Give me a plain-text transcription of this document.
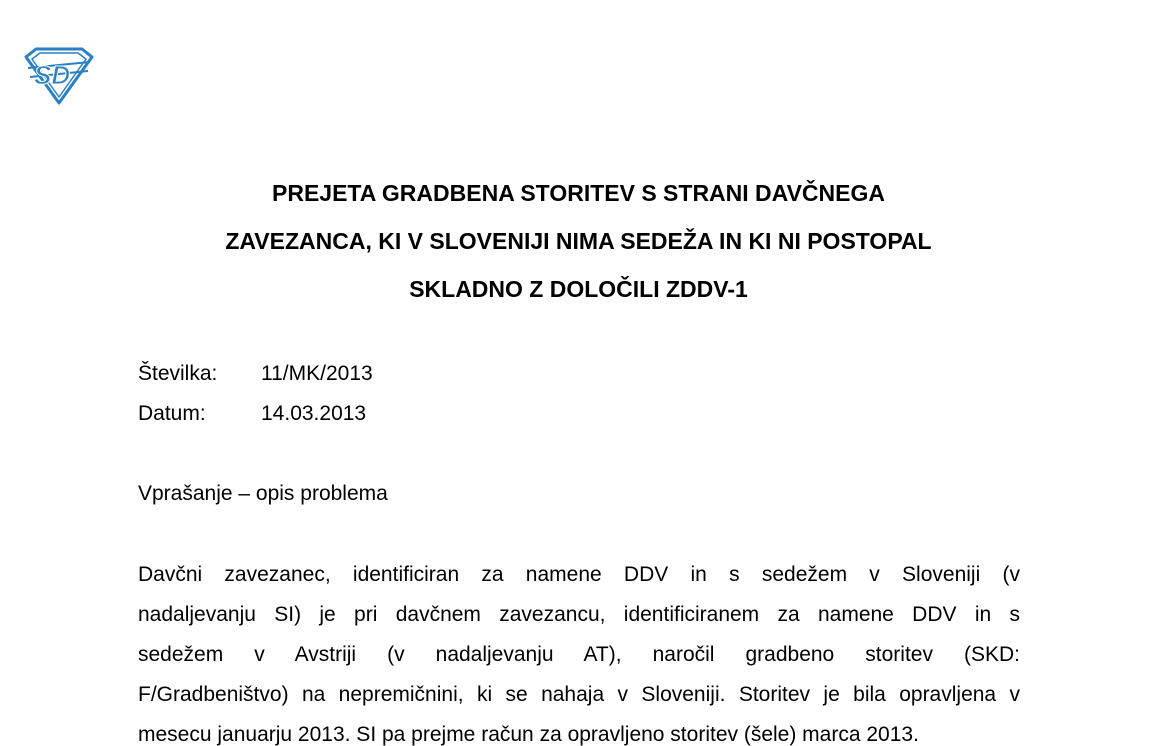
SD
PREJETA GRADBENA STORITEV S STRANI DAVČNEGA
ZAVEZANCA, KI V SLOVENIJI NIMA SEDEŽA IN KI NI POSTOPAL
SKLADNO Z DOLOČILI ZDDV-1
Številka: 11/MK/2013
Datum:	14.03.2013
Vprašanje – opis problema
Davčni zavezanec, identificiran za namene DDV in s sedežem v Sloveniji (v
nadaljevanju SI) je pri davčnem zavezancu, identificiranem za namene DDV in s
sedežem v Avstriji (v nadaljevanju AT), naročil gradbeno storitev (SKD:
F/Gradbeništvo) na nepremičnini, ki se nahaja v Sloveniji. Storitev je bila opravljena v
mesecu januarju 2013. SI pa prejme račun za opravljeno storitev (šele) marca 2013.
